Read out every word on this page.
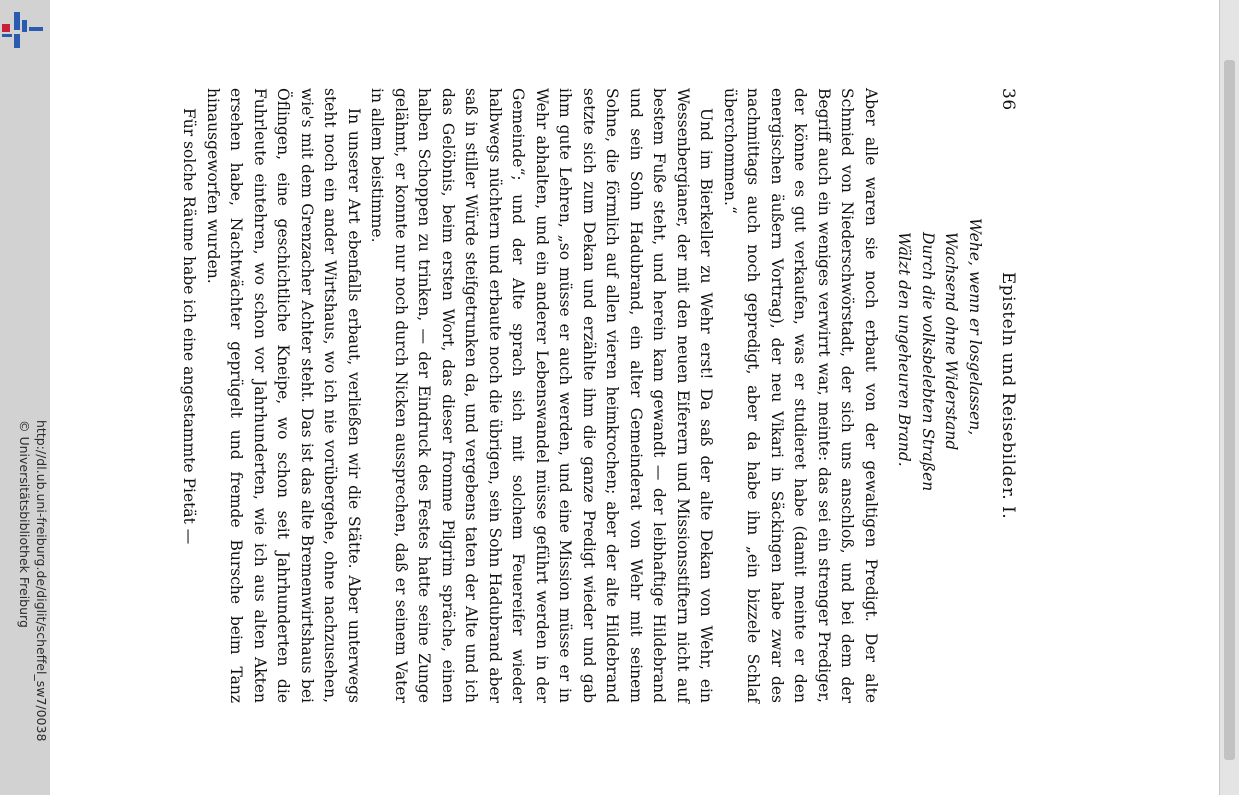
http://dl.ub.uni-freiburg.de/diglit/scheffel_sw7/0038
© Universitätsbibliothek Freiburg
36
Episteln und Reisebilder. I.
Wehe, wenn er losgelassen,
Wachsend ohne Widerstand
Durch die volksbelebten Straßen
Wälzt den ungeheuren Brand.

Aber alle waren sie noch erbaut von der gewaltigen Predigt. Der alte Schmied von Niederschwörstadt, der sich uns anschloß, und bei dem der Begriff auch ein weniges verwirrt war, meinte: das sei ein strenger Prediger, der könne es gut verkaufen, was er studieret habe (damit meinte er den energischen äußern Vortrag), der neu Vikari in Säckingen habe zwar des nachmittags auch noch gepredigt, aber da habe ihn „ein bizzele Schlaf überchommen.“

Und im Bierkeller zu Wehr erst! Da saß der alte Dekan von Wehr, ein Wessenbergianer, der mit den neuen Eiferern und Missionsstiftern nicht auf bestem Fuße steht, und herein kam gewandt — der leibhaftige Hildebrand und sein Sohn Hadubrand, ein alter Gemeinderat von Wehr mit seinem Sohne, die förmlich auf allen vieren heimkrochen; aber der alte Hildebrand setzte sich zum Dekan und erzählte ihm die ganze Predigt wieder und gab ihm gute Lehren, „so müsse er auch werden, und eine Mission müsse er in Wehr abhalten, und ein anderer Lebenswandel müsse geführt werden in der Gemeinde“; und der Alte sprach sich mit solchem Feuereifer wieder halbwegs nüchtern und erbaute noch die übrigen, sein Sohn Hadubrand aber saß in stiller Würde steifgetrunken da, und vergebens taten der Alte und ich das Gelöbnis, beim ersten Wort, das dieser fromme Pilgrim spräche, einen halben Schoppen zu trinken, — der Eindruck des Festes hatte seine Zunge gelähmt, er konnte nur noch durch Nicken aussprechen, daß er seinem Vater in allem beistimme.

In unserer Art ebenfalls erbaut, verließen wir die Stätte. Aber unterwegs steht noch ein ander Wirtshaus, wo ich nie vorübergehe, ohne nachzusehen, wie's mit dem Grenzacher Achter steht. Das ist das alte Bremenwirtshaus bei Öflingen, eine geschichtliche Kneipe, wo schon seit Jahrhunderten die Fuhrleute eintehren, wo schon vor Jahrhunderten, wie ich aus alten Akten ersehen habe, Nachtwächter geprügelt und fremde Bursche beim Tanz hinausgeworfen wurden.

Für solche Räume habe ich eine angestammte Pietät —
